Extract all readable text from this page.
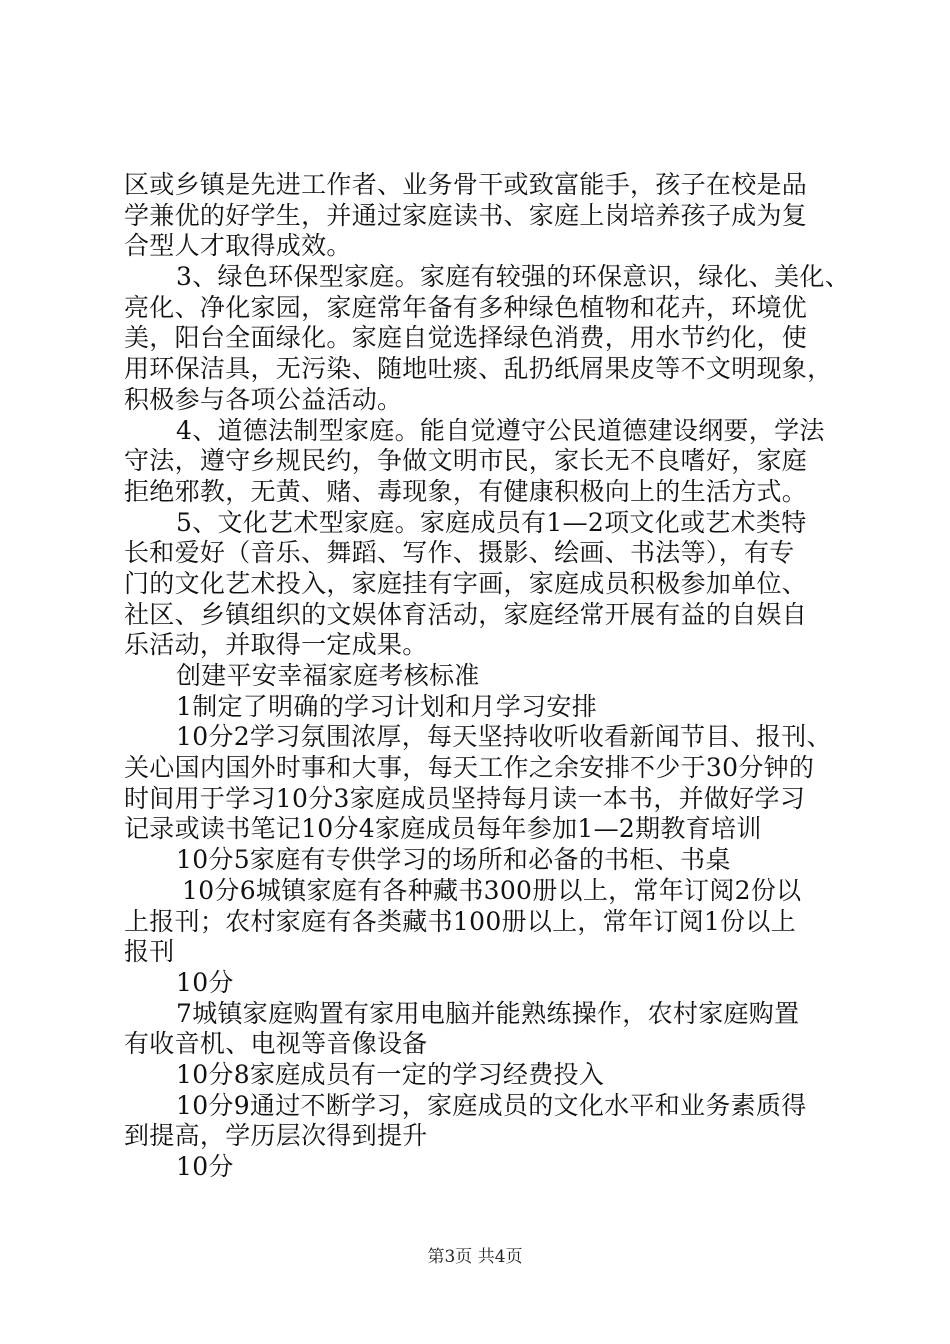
区或乡镇是先进工作者、业务骨干或致富能手，孩子在校是品
学兼优的好学生，并通过家庭读书、家庭上岗培养孩子成为复
合型人才取得成效。
3、绿色环保型家庭。家庭有较强的环保意识，绿化、美化、
亮化、净化家园，家庭常年备有多种绿色植物和花卉，环境优
美，阳台全面绿化。家庭自觉选择绿色消费，用水节约化，使
用环保洁具，无污染、随地吐痰、乱扔纸屑果皮等不文明现象，
积极参与各项公益活动。
4、道德法制型家庭。能自觉遵守公民道德建设纲要，学法
守法，遵守乡规民约，争做文明市民，家长无不良嗜好，家庭
拒绝邪教，无黄、赌、毒现象，有健康积极向上的生活方式。
5、文化艺术型家庭。家庭成员有1—2项文化或艺术类特
长和爱好（音乐、舞蹈、写作、摄影、绘画、书法等），有专
门的文化艺术投入，家庭挂有字画，家庭成员积极参加单位、
社区、乡镇组织的文娱体育活动，家庭经常开展有益的自娱自
乐活动，并取得一定成果。
创建平安幸福家庭考核标准
1制定了明确的学习计划和月学习安排
10分2学习氛围浓厚，每天坚持收听收看新闻节目、报刊、
关心国内国外时事和大事，每天工作之余安排不少于30分钟的
时间用于学习10分3家庭成员坚持每月读一本书，并做好学习
记录或读书笔记10分4家庭成员每年参加1—2期教育培训
10分5家庭有专供学习的场所和必备的书柜、书桌
10分6城镇家庭有各种藏书300册以上，常年订阅2份以
上报刊；农村家庭有各类藏书100册以上，常年订阅1份以上
报刊
10分
7城镇家庭购置有家用电脑并能熟练操作，农村家庭购置
有收音机、电视等音像设备
10分8家庭成员有一定的学习经费投入
10分9通过不断学习，家庭成员的文化水平和业务素质得
到提高，学历层次得到提升
10分
第3页 共4页
